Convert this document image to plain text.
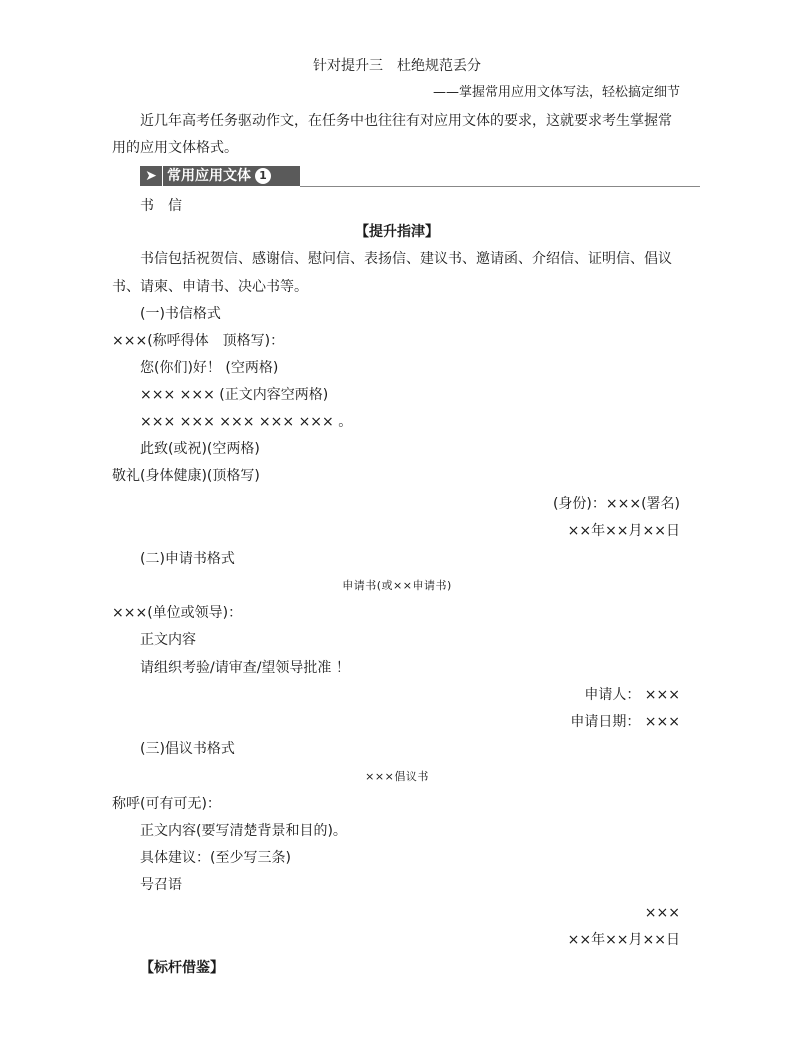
针对提升三　杜绝规范丢分
——掌握常用应用文体写法，轻松搞定细节
近几年高考任务驱动作文，在任务中也往往有对应用文体的要求，这就要求考生掌握常
用的应用文体格式。
➤ 常用应用文体 1
书　信
【提升指津】
书信包括祝贺信、感谢信、慰问信、表扬信、建议书、邀请函、介绍信、证明信、倡议
书、请柬、申请书、决心书等。
(一)书信格式
×××(称呼得体　顶格写)：
您(你们)好！ (空两格)
××× ××× (正文内容空两格)
××× ××× ××× ××× ××× 。
此致(或祝)(空两格)
敬礼(身体健康)(顶格写)
(身份)：×××(署名)
××年××月××日
(二)申请书格式
申请书(或××申请书)
×××(单位或领导)：
正文内容
请组织考验/请审查/望领导批准 ！
申请人： ×××
申请日期： ×××
(三)倡议书格式
×××倡议书
称呼(可有可无)：
正文内容(要写清楚背景和目的)。
具体建议：(至少写三条)
号召语
×××
××年××月××日
【标杆借鉴】
